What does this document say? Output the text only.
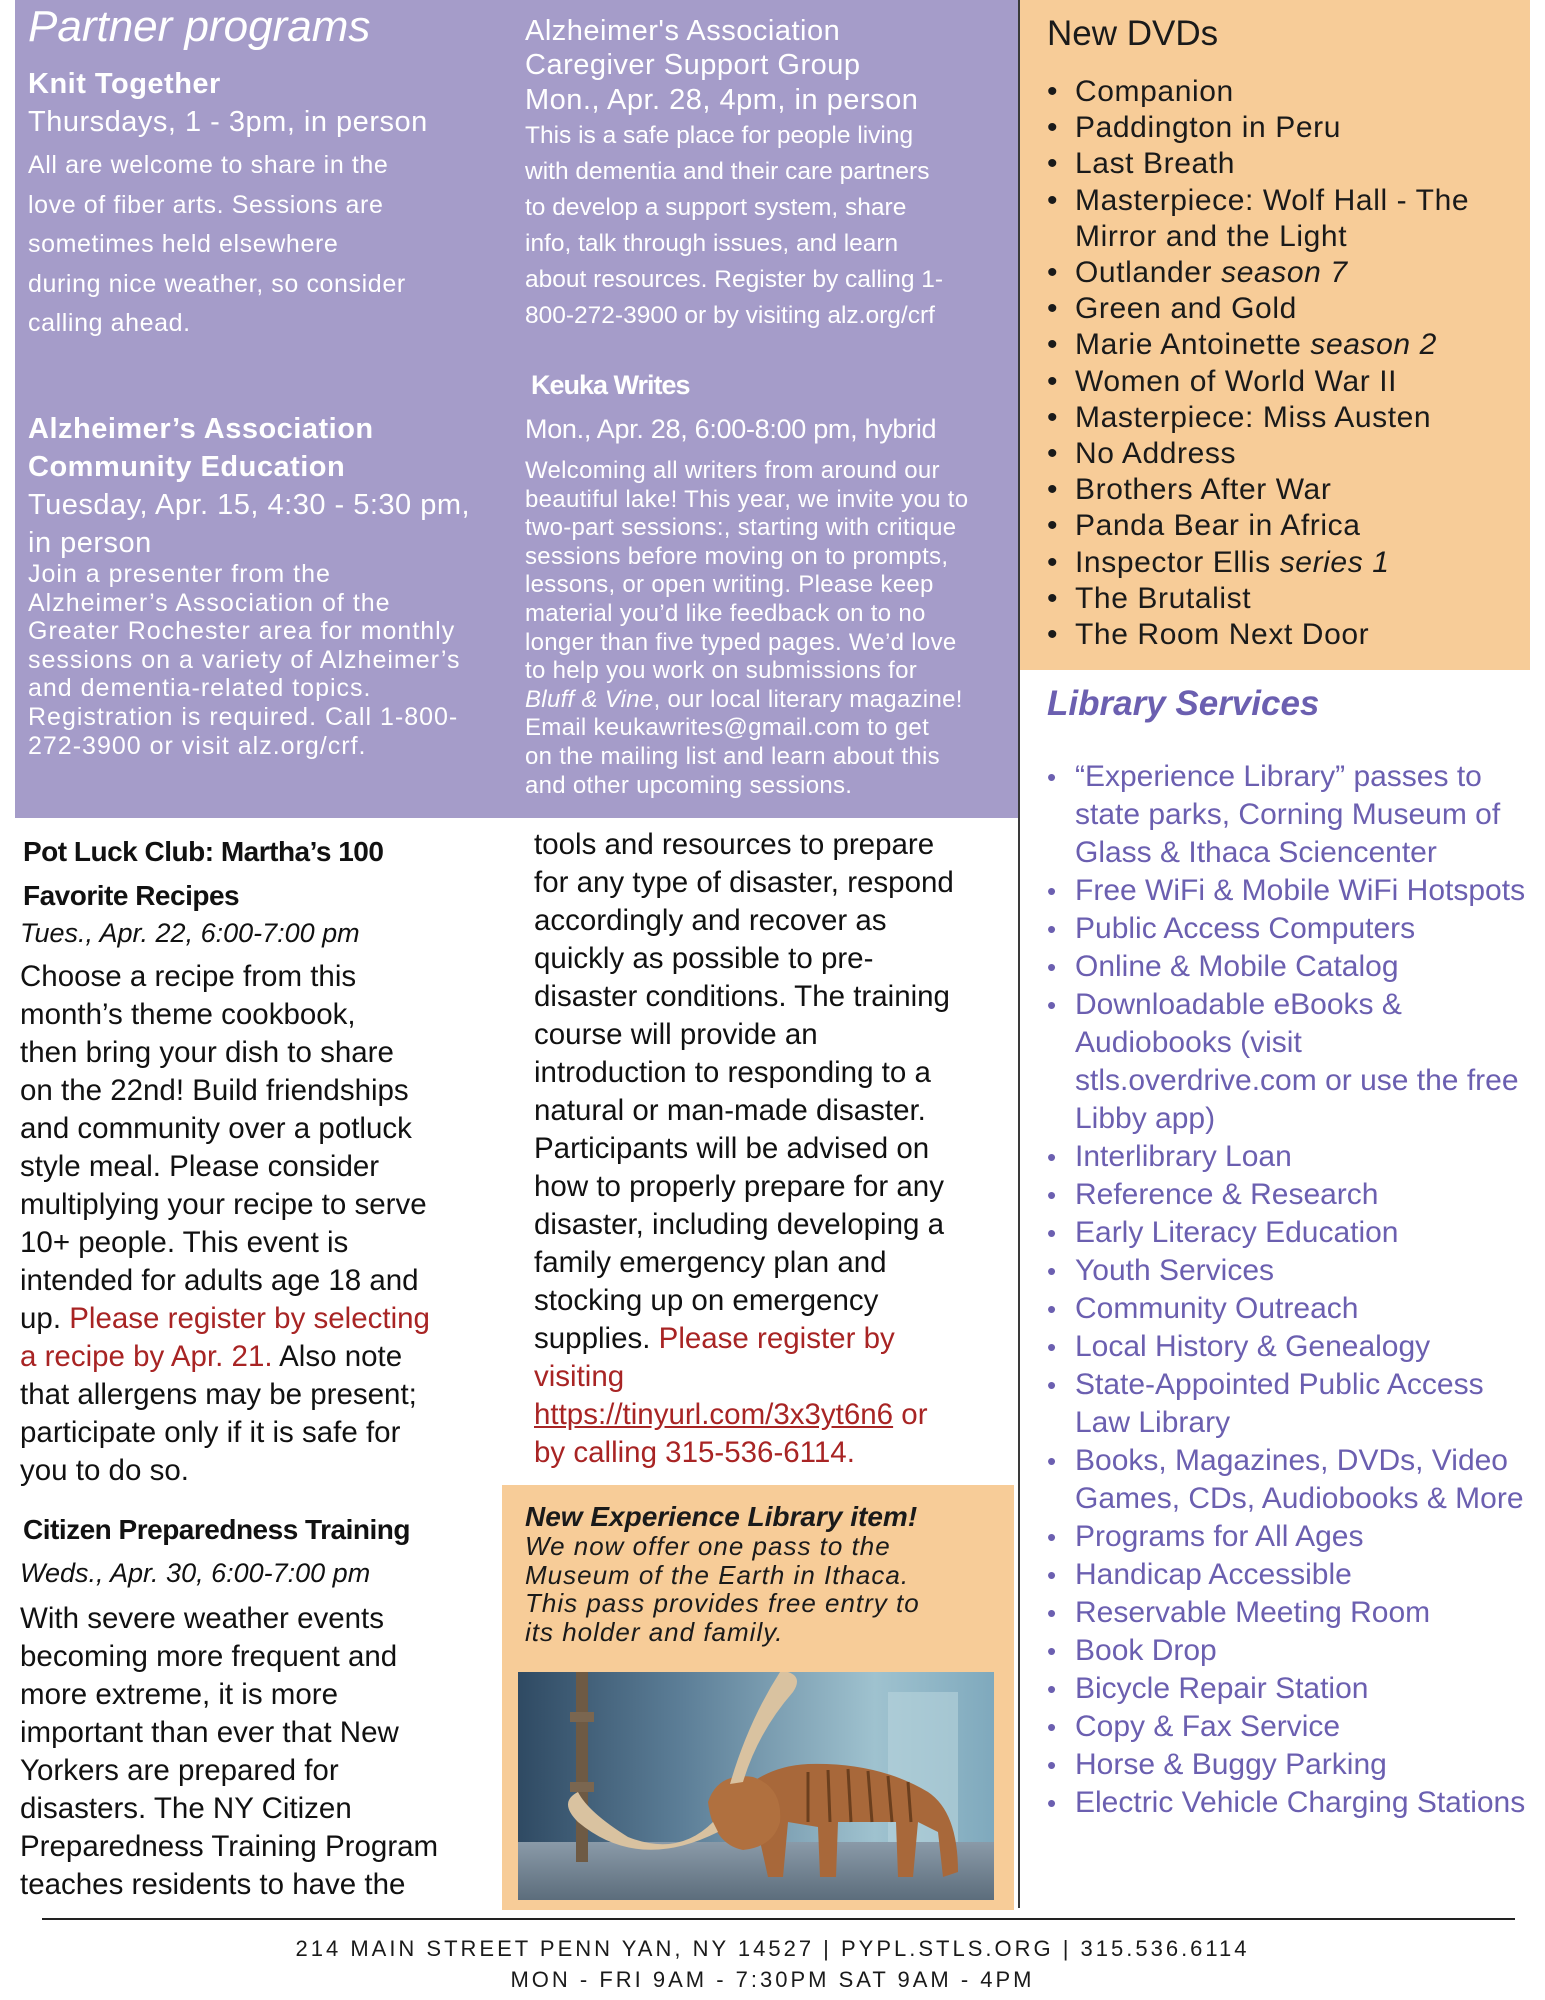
Partner programs
Knit Together
Thursdays, 1 - 3pm, in person
All are welcome to share in the
love of fiber arts. Sessions are
sometimes held elsewhere
during nice weather, so consider
calling ahead.
Alzheimer’s Association
Community Education
Tuesday, Apr. 15, 4:30 - 5:30 pm,
in person
Join a presenter from the
Alzheimer’s Association of the
Greater Rochester area for monthly
sessions on a variety of Alzheimer’s
and dementia-related topics.
Registration is required. Call 1-800-
272-3900 or visit alz.org/crf.
Alzheimer's Association
Caregiver Support Group
Mon., Apr. 28, 4pm, in person
This is a safe place for people living
with dementia and their care partners
to develop a support system, share
info, talk through issues, and learn
about resources. Register by calling 1-
800-272-3900 or by visiting alz.org/crf
Keuka Writes
Mon., Apr. 28, 6:00-8:00 pm, hybrid
Welcoming all writers from around our
beautiful lake! This year, we invite you to
two-part sessions:, starting with critique
sessions before moving on to prompts,
lessons, or open writing. Please keep
material you’d like feedback on to no
longer than five typed pages. We’d love
to help you work on submissions for
Bluff & Vine, our local literary magazine!
Email keukawrites@gmail.com to get
on the mailing list and learn about this
and other upcoming sessions.
New DVDs
• Companion
• Paddington in Peru
• Last Breath
• Masterpiece: Wolf Hall - The Mirror and the Light
• Outlander season 7
• Green and Gold
• Marie Antoinette season 2
• Women of World War II
• Masterpiece: Miss Austen
• No Address
• Brothers After War
• Panda Bear in Africa
• Inspector Ellis series 1
• The Brutalist
• The Room Next Door
Library Services
• “Experience Library” passes to state parks, Corning Museum of Glass & Ithaca Sciencenter
• Free WiFi & Mobile WiFi Hotspots
• Public Access Computers
• Online & Mobile Catalog
• Downloadable eBooks & Audiobooks (visit stls.overdrive.com or use the free Libby app)
• Interlibrary Loan
• Reference & Research
• Early Literacy Education
• Youth Services
• Community Outreach
• Local History & Genealogy
• State-Appointed Public Access Law Library
• Books, Magazines, DVDs, Video Games, CDs, Audiobooks & More
• Programs for All Ages
• Handicap Accessible
• Reservable Meeting Room
• Book Drop
• Bicycle Repair Station
• Copy & Fax Service
• Horse & Buggy Parking
• Electric Vehicle Charging Stations
Pot Luck Club: Martha’s 100
Favorite Recipes
Tues., Apr. 22, 6:00-7:00 pm
Choose a recipe from this
month’s theme cookbook,
then bring your dish to share
on the 22nd! Build friendships
and community over a potluck
style meal. Please consider
multiplying your recipe to serve
10+ people. This event is
intended for adults age 18 and
up. Please register by selecting
a recipe by Apr. 21. Also note
that allergens may be present;
participate only if it is safe for
you to do so.
Citizen Preparedness Training
Weds., Apr. 30, 6:00-7:00 pm
With severe weather events
becoming more frequent and
more extreme, it is more
important than ever that New
Yorkers are prepared for
disasters. The NY Citizen
Preparedness Training Program
teaches residents to have the
tools and resources to prepare
for any type of disaster, respond
accordingly and recover as
quickly as possible to pre-
disaster conditions. The training
course will provide an
introduction to responding to a
natural or man-made disaster.
Participants will be advised on
how to properly prepare for any
disaster, including developing a
family emergency plan and
stocking up on emergency
supplies. Please register by
visiting
https://tinyurl.com/3x3yt6n6 or
by calling 315-536-6114.
New Experience Library item!
We now offer one pass to the
Museum of the Earth in Ithaca.
This pass provides free entry to
its holder and family.
214 MAIN STREET PENN YAN, NY 14527 | PYPL.STLS.ORG | 315.536.6114
MON - FRI 9AM - 7:30PM SAT 9AM - 4PM
